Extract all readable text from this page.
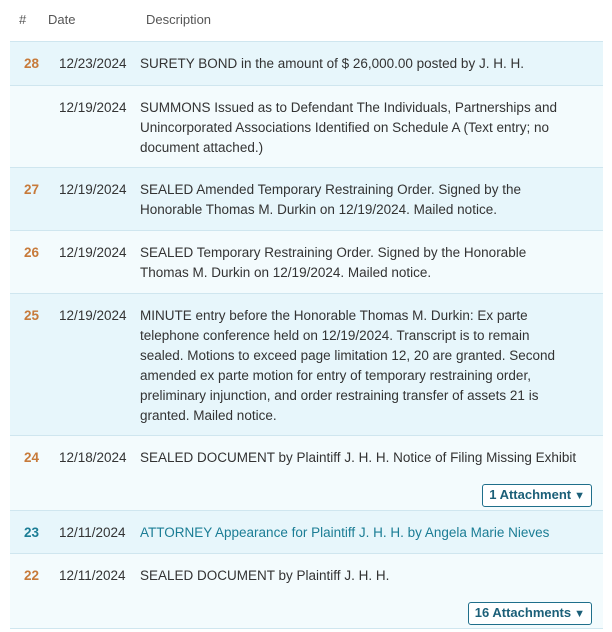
# Date	Description
28	12/23/2024 SURETY BOND in the amount of $ 26,000.00 posted by J. H. H.
12/19/2024 SUMMONS Issued as to Defendant The Individuals, Partnerships and
Unincorporated Associations Identified on Schedule A (Text entry; no
document attached.)
27	12/19/2024 SEALED Amended Temporary Restraining Order. Signed by the
Honorable Thomas M. Durkin on 12/19/2024. Mailed notice.
26	12/19/2024 SEALED Temporary Restraining Order. Signed by the Honorable
Thomas M. Durkin on 12/19/2024. Mailed notice.
25	12/19/2024 MINUTE entry before the Honorable Thomas M. Durkin: Ex parte
telephone conference held on 12/19/2024. Transcript is to remain
sealed. Motions to exceed page limitation 12, 20 are granted. Second
amended ex parte motion for entry of temporary restraining order,
preliminary injunction, and order restraining transfer of assets 21 is
granted. Mailed notice.
24	12/18/2024 SEALED DOCUMENT by Plaintiff J. H. H. Notice of Filing Missing Exhibit
1 Attachment ▼
23	12/11/2024 ATTORNEY Appearance for Plaintiff J. H. H. by Angela Marie Nieves
22	12/11/2024 SEALED DOCUMENT by Plaintiff J. H. H.
16 Attachments ▼
